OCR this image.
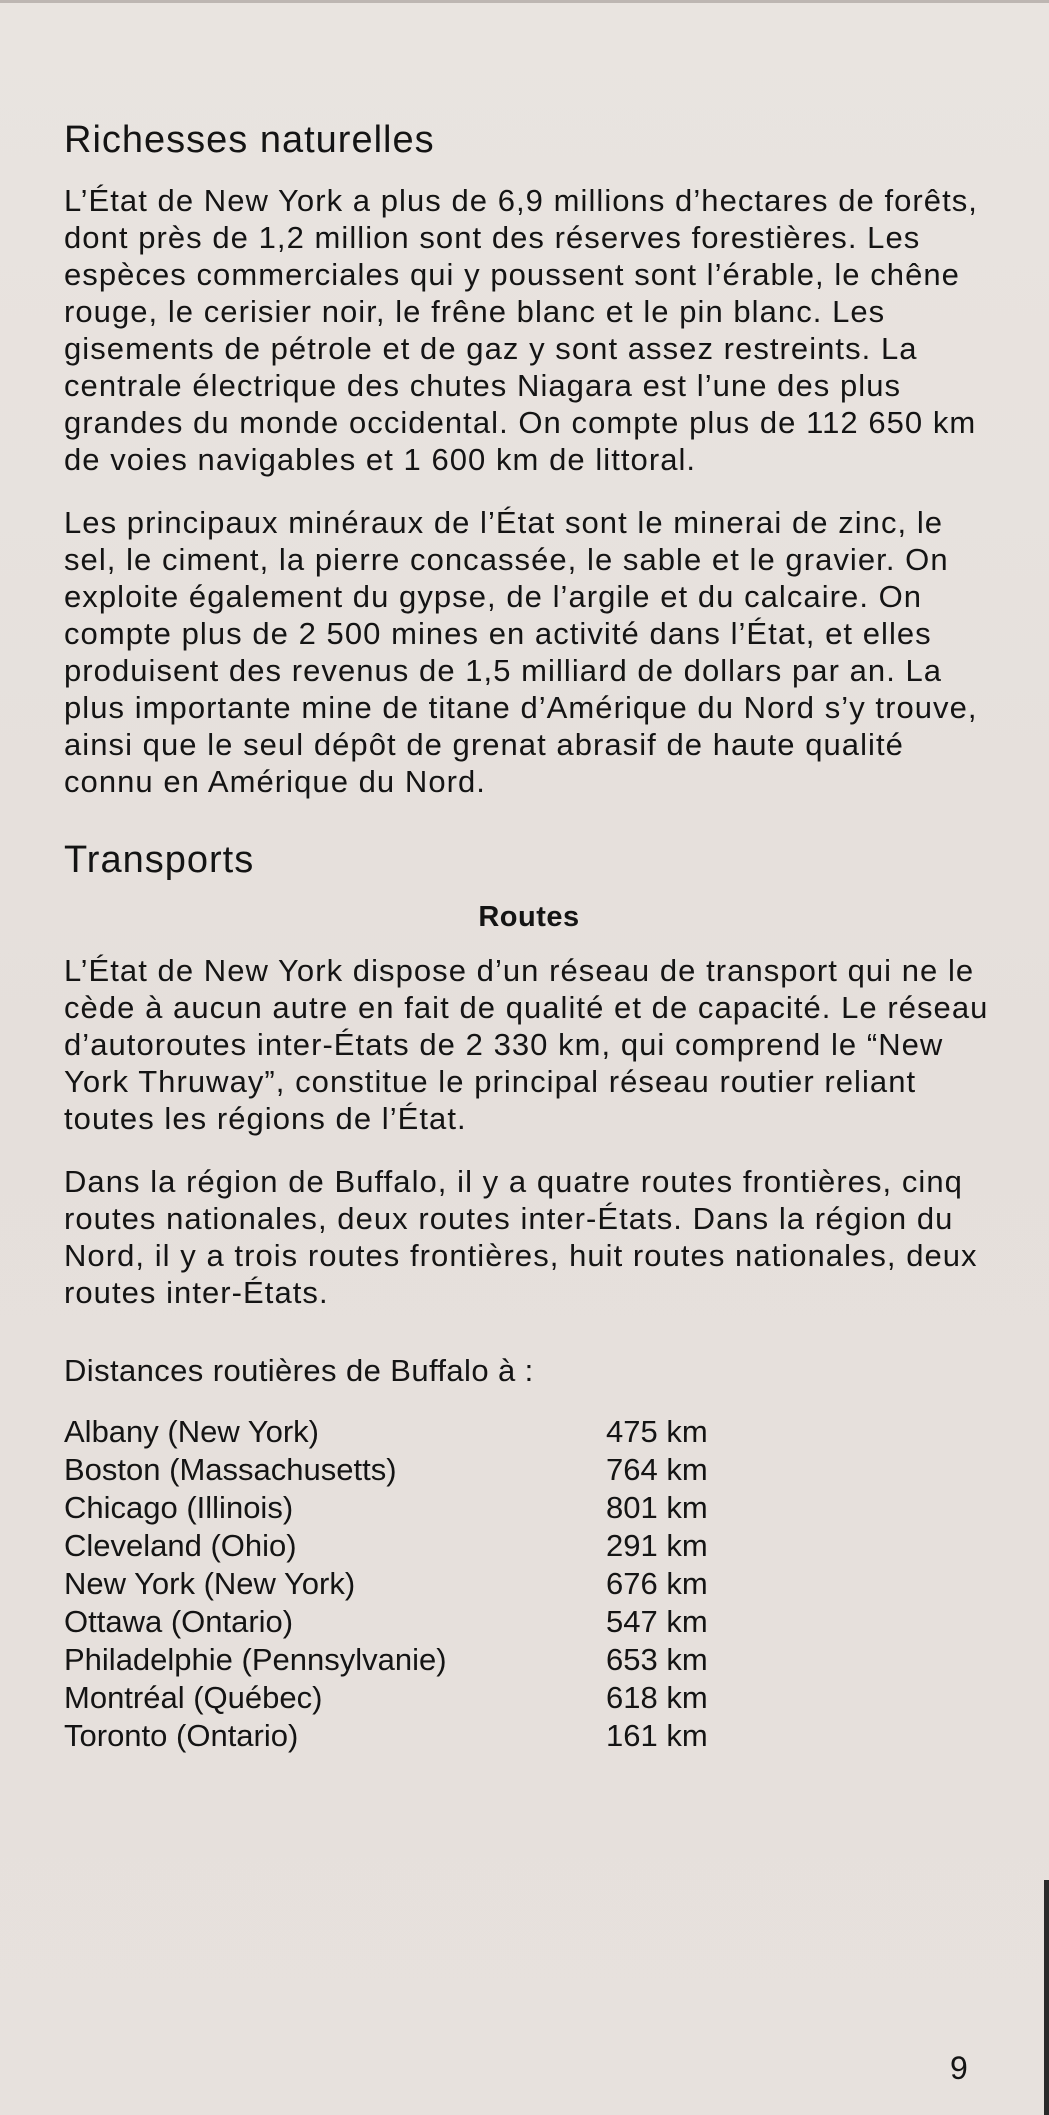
Richesses naturelles

L’État de New York a plus de 6,9 millions d’hectares de forêts, dont près de 1,2 million sont des réserves forestières. Les espèces commerciales qui y poussent sont l’érable, le chêne rouge, le cerisier noir, le frêne blanc et le pin blanc. Les gisements de pétrole et de gaz y sont assez restreints. La centrale électrique des chutes Niagara est l’une des plus grandes du monde occidental. On compte plus de 112 650 km de voies navigables et 1 600 km de littoral.

Les principaux minéraux de l’État sont le minerai de zinc, le sel, le ciment, la pierre concassée, le sable et le gravier. On exploite également du gypse, de l’argile et du calcaire. On compte plus de 2 500 mines en activité dans l’État, et elles produisent des revenus de 1,5 milliard de dollars par an. La plus importante mine de titane d’Amérique du Nord s’y trouve, ainsi que le seul dépôt de grenat abrasif de haute qualité connu en Amérique du Nord.

Transports
Routes

L’État de New York dispose d’un réseau de transport qui ne le cède à aucun autre en fait de qualité et de capacité. Le réseau d’autoroutes inter-États de 2 330 km, qui comprend le “New York Thruway”, constitue le principal réseau routier reliant toutes les régions de l’État.

Dans la région de Buffalo, il y a quatre routes frontières, cinq routes nationales, deux routes inter-États. Dans la région du Nord, il y a trois routes frontières, huit routes nationales, deux routes inter-États.

Distances routières de Buffalo à :
Albany (New York)	475 km
Boston (Massachusetts)	764 km
Chicago (Illinois)	801 km
Cleveland (Ohio)	291 km
New York (New York)	676 km
Ottawa (Ontario)	547 km
Philadelphie (Pennsylvanie)	653 km
Montréal (Québec)	618 km
Toronto (Ontario)	161 km
9
